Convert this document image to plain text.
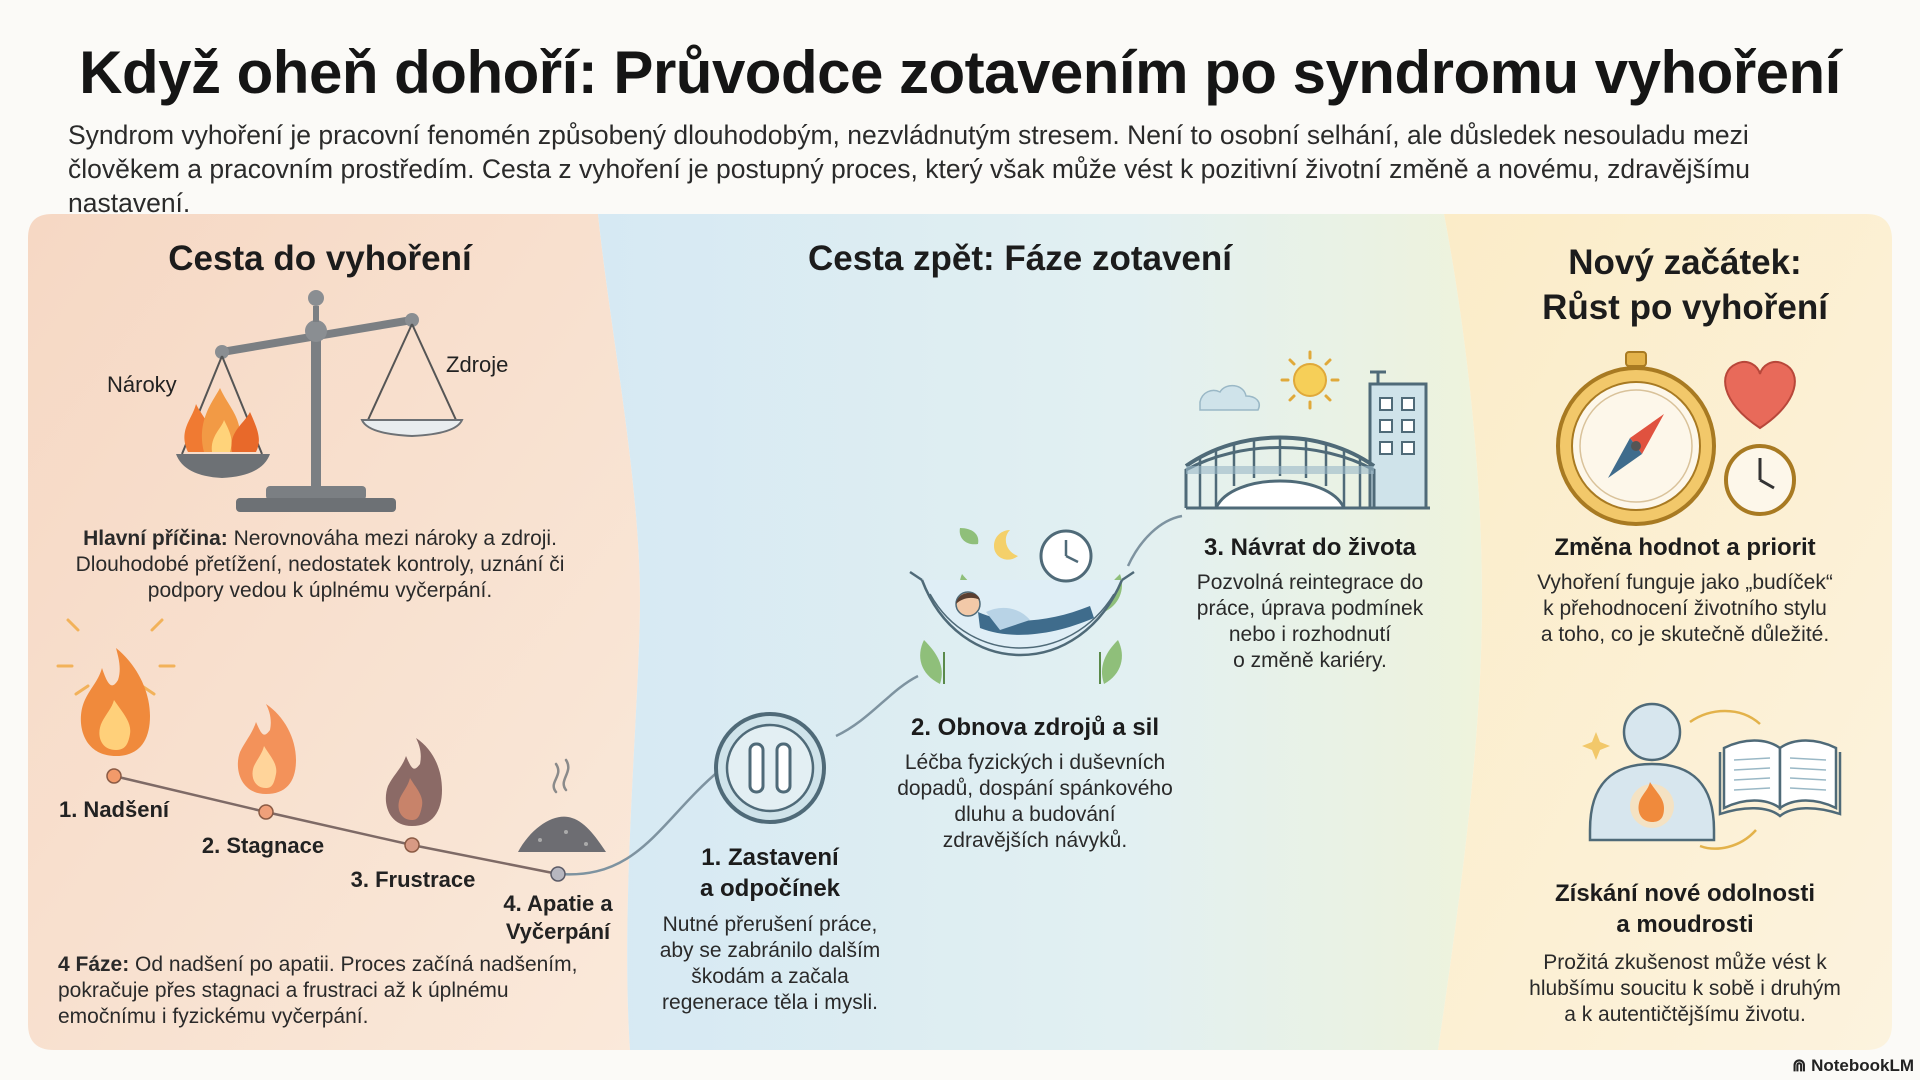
Když oheň dohoří: Průvodce zotavením po syndromu vyhoření
Syndrom vyhoření je pracovní fenomén způsobený dlouhodobým, nezvládnutým stresem. Není to osobní selhání, ale důsledek nesouladu mezi
člověkem a pracovním prostředím. Cesta z vyhoření je postupný proces, který však může vést k pozitivní životní změně a novému, zdravějšímu nastavení.
Cesta do vyhoření
Nároky
Zdroje
Hlavní příčina: Nerovnováha mezi nároky a zdroji.
Dlouhodobé přetížení, nedostatek kontroly, uznání či
podpory vedou k úplnému vyčerpání.
1. Nadšení
2. Stagnace
3. Frustrace
4. Apatie a
Vyčerpání
4 Fáze: Od nadšení po apatii. Proces začíná nadšením,
pokračuje přes stagnaci a frustraci až k úplnému
emočnímu i fyzickému vyčerpání.
Cesta zpět: Fáze zotavení
1. Zastavení
a odpočínek
Nutné přerušení práce,
aby se zabránilo dalším
škodám a začala
regenerace těla i mysli.
2. Obnova zdrojů a sil
Léčba fyzických i duševních
dopadů, dospání spánkového
dluhu a budování
zdravějších návyků.
3. Návrat do života
Pozvolná reintegrace do
práce, úprava podmínek
nebo i rozhodnutí
o změně kariéry.
Nový začátek:
Růst po vyhoření
Změna hodnot a priorit
Vyhoření funguje jako „budíček“
k přehodnocení životního stylu
a toho, co je skutečně důležité.
Získání nové odolnosti
a moudrosti
Prožitá zkušenost může vést k
hlubšímu soucitu k sobě i druhým
a k autentičtějšímu životu.
⋒ NotebookLM
